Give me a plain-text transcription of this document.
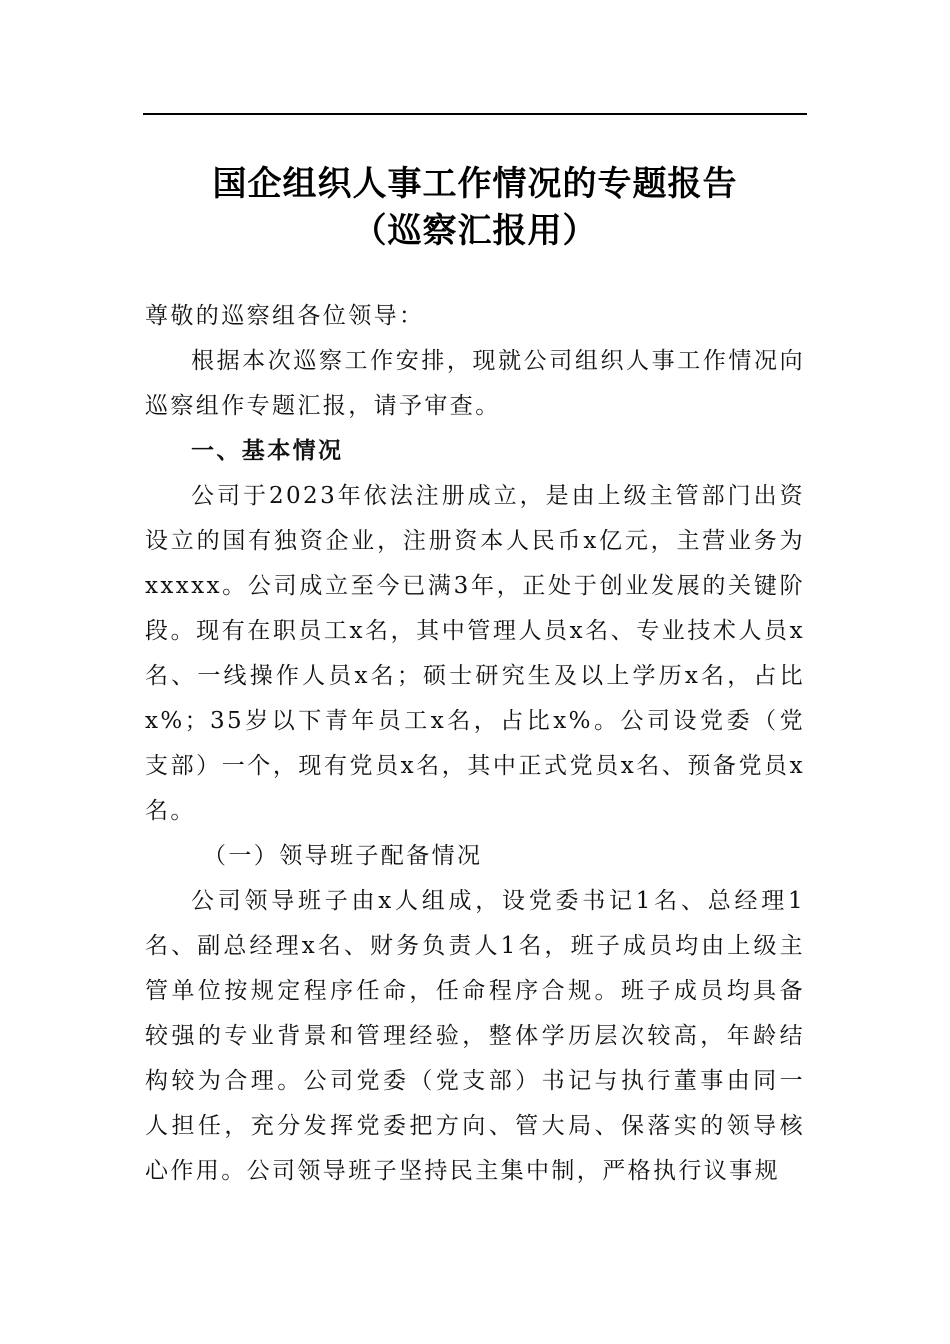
国企组织人事工作情况的专题报告
（巡察汇报用）

尊敬的巡察组各位领导：

根据本次巡察工作安排，现就公司组织人事工作情况向巡察组作专题汇报，请予审查。

一、基本情况

公司于2023年依法注册成立，是由上级主管部门出资设立的国有独资企业，注册资本人民币x亿元，主营业务为xxxxx。公司成立至今已满3年，正处于创业发展的关键阶段。现有在职员工x名，其中管理人员x名、专业技术人员x名、一线操作人员x名；硕士研究生及以上学历x名，占比x%；35岁以下青年员工x名，占比x%。公司设党委（党支部）一个，现有党员x名，其中正式党员x名、预备党员x名。

（一）领导班子配备情况

公司领导班子由x人组成，设党委书记1名、总经理1名、副总经理x名、财务负责人1名，班子成员均由上级主管单位按规定程序任命，任命程序合规。班子成员均具备较强的专业背景和管理经验，整体学历层次较高，年龄结构较为合理。公司党委（党支部）书记与执行董事由同一人担任，充分发挥党委把方向、管大局、保落实的领导核心作用。公司领导班子坚持民主集中制，严格执行议事规
